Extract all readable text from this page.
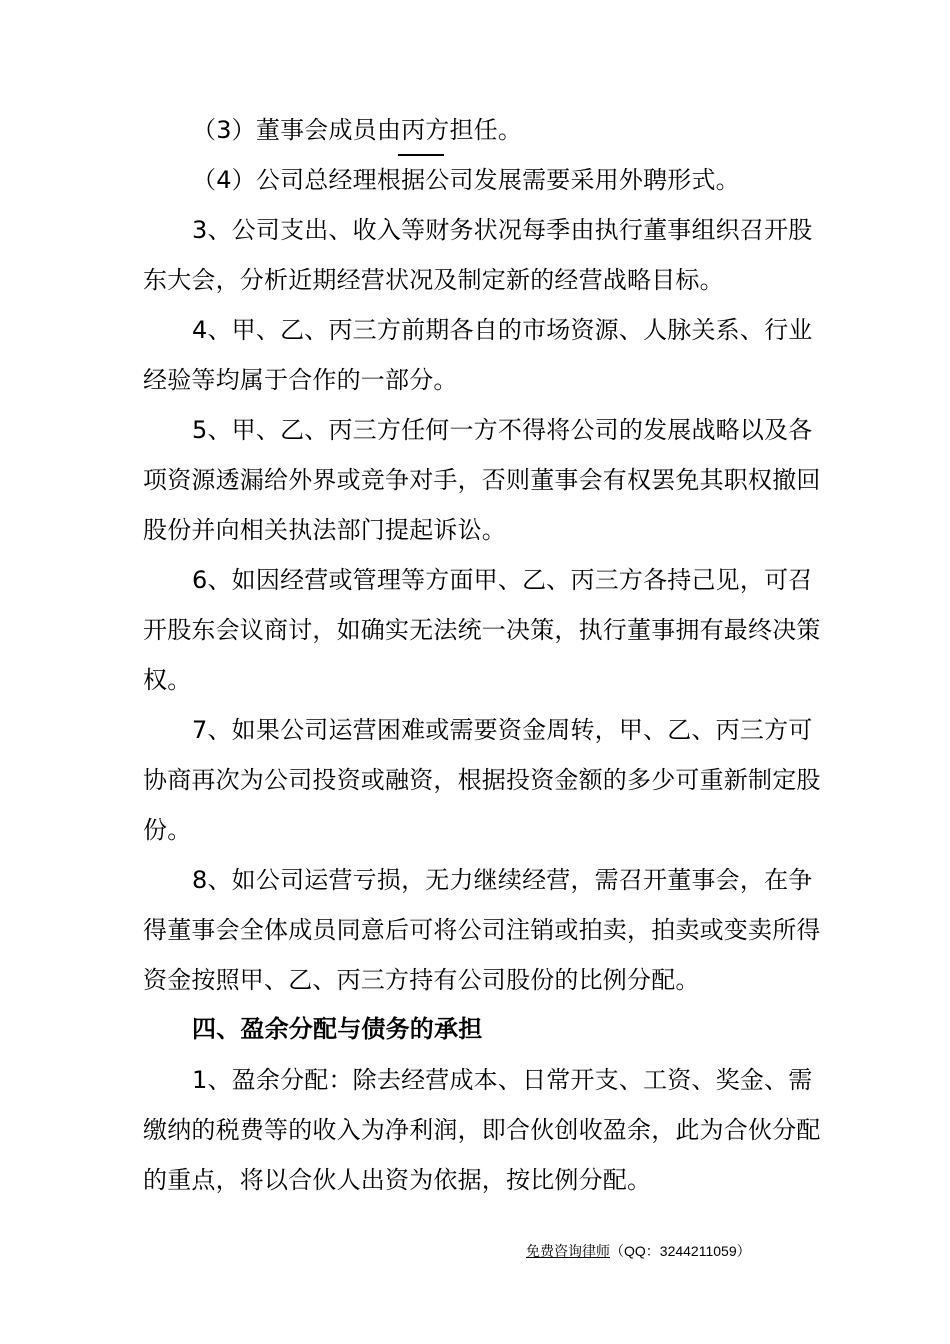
（3）董事会成员由丙方担任。
（4）公司总经理根据公司发展需要采用外聘形式。
3、公司支出、收入等财务状况每季由执行董事组织召开股
东大会，分析近期经营状况及制定新的经营战略目标。
4、甲、乙、丙三方前期各自的市场资源、人脉关系、行业
经验等均属于合作的一部分。
5、甲、乙、丙三方任何一方不得将公司的发展战略以及各
项资源透漏给外界或竞争对手，否则董事会有权罢免其职权撤回
股份并向相关执法部门提起诉讼。
6、如因经营或管理等方面甲、乙、丙三方各持己见，可召
开股东会议商讨，如确实无法统一决策，执行董事拥有最终决策
权。
7、如果公司运营困难或需要资金周转，甲、乙、丙三方可
协商再次为公司投资或融资，根据投资金额的多少可重新制定股
份。
8、如公司运营亏损，无力继续经营，需召开董事会，在争
得董事会全体成员同意后可将公司注销或拍卖，拍卖或变卖所得
资金按照甲、乙、丙三方持有公司股份的比例分配。
四、盈余分配与债务的承担
1、盈余分配：除去经营成本、日常开支、工资、奖金、需
缴纳的税费等的收入为净利润，即合伙创收盈余，此为合伙分配
的重点，将以合伙人出资为依据，按比例分配。
免费咨询律师（QQ：3244211059）
